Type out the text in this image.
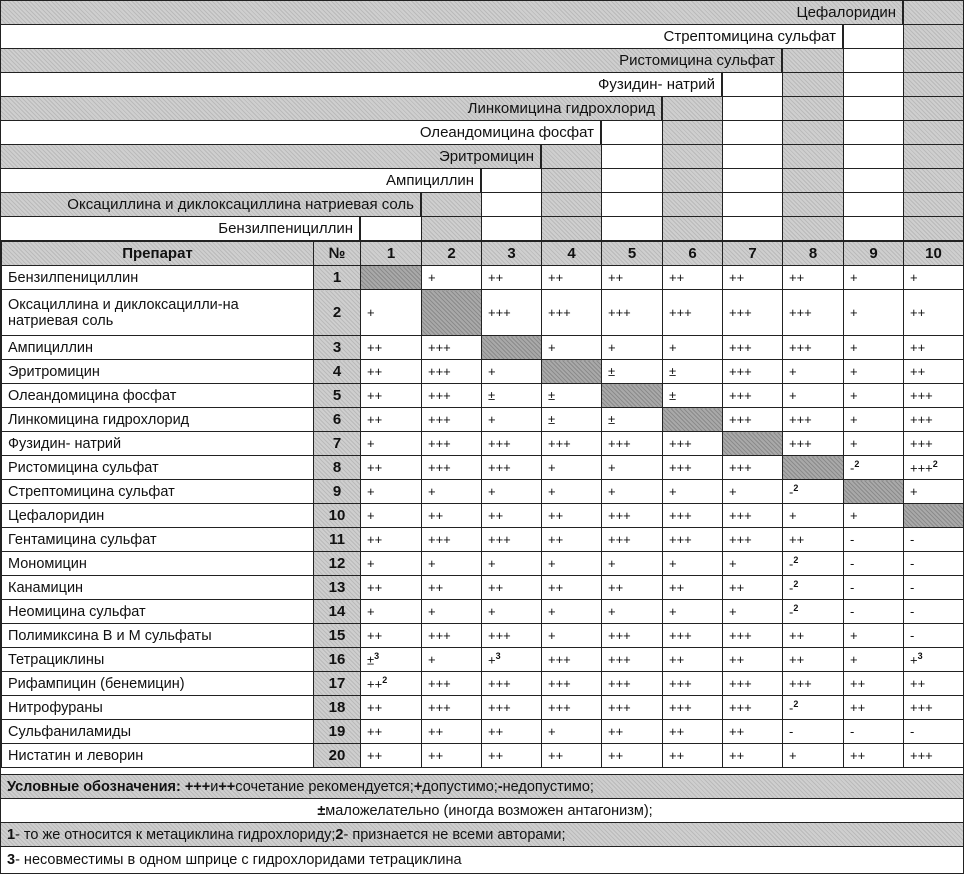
Цефалоридин
Стрептомицина сульфат
Ристомицина сульфат
Фузидин- натрий
Линкомицина гидрохлорид
Олеандомицина фосфат
Эритромицин
Ампициллин
Оксациллина и диклоксациллина натриевая соль
Бензилпенициллин
Препарат	№	1	2	3	4	5	6	7	8	9	10
Бензилпенициллин	1		+	++	++	++	++	++	++	+	+
Оксациллина и диклоксацилли-на натриевая соль	2	+		+++	+++	+++	+++	+++	+++	+	++
Ампициллин	3	++	+++		+	+	+	+++	+++	+	++
Эритромицин	4	++	+++	+		±	±	+++	+	+	++
Олеандомицина фосфат	5	++	+++	±	±		±	+++	+	+	+++
Линкомицина гидрохлорид	6	++	+++	+	±	±		+++	+++	+	+++
Фузидин- натрий	7	+	+++	+++	+++	+++	+++		+++	+	+++
Ристомицина сульфат	8	++	+++	+++	+	+	+++	+++		-$^2$	+++$^2$
Стрептомицина сульфат	9	+	+	+	+	+	+	+	-$^2$		+
Цефалоридин	10	+	++	++	++	+++	+++	+++	+	+	
Гентамицина сульфат	11	++	+++	+++	++	+++	+++	+++	++	-	-
Мономицин	12	+	+	+	+	+	+	+	-$^2$	-	-
Канамицин	13	++	++	++	++	++	++	++	-$^2$	-	-
Неомицина сульфат	14	+	+	+	+	+	+	+	-$^2$	-	-
Полимиксина В и М сульфаты	15	++	+++	+++	+	+++	+++	+++	++	+	-
Тетрациклины	16	±$^3$	+	+$^3$	+++	+++	++	++	++	+	+$^3$
Рифампицин (бенемицин)	17	++$^2$	+++	+++	+++	+++	+++	+++	+++	++	++
Нитрофураны	18	++	+++	+++	+++	+++	+++	+++	-$^2$	++	+++
Сульфаниламиды	19	++	++	++	+	++	++	++	-	-	-
Нистатин и леворин	20	++	++	++	++	++	++	++	+	++	+++
Условные обозначения: +++ и ++ сочетание рекомендуется; + допустимо; - недопустимо;
± маложелательно (иногда возможен антагонизм);
1 - то же относится к метациклина гидрохлориду; 2 - признается не всеми авторами;
3 - несовместимы в одном шприце с гидрохлоридами тетрациклина
